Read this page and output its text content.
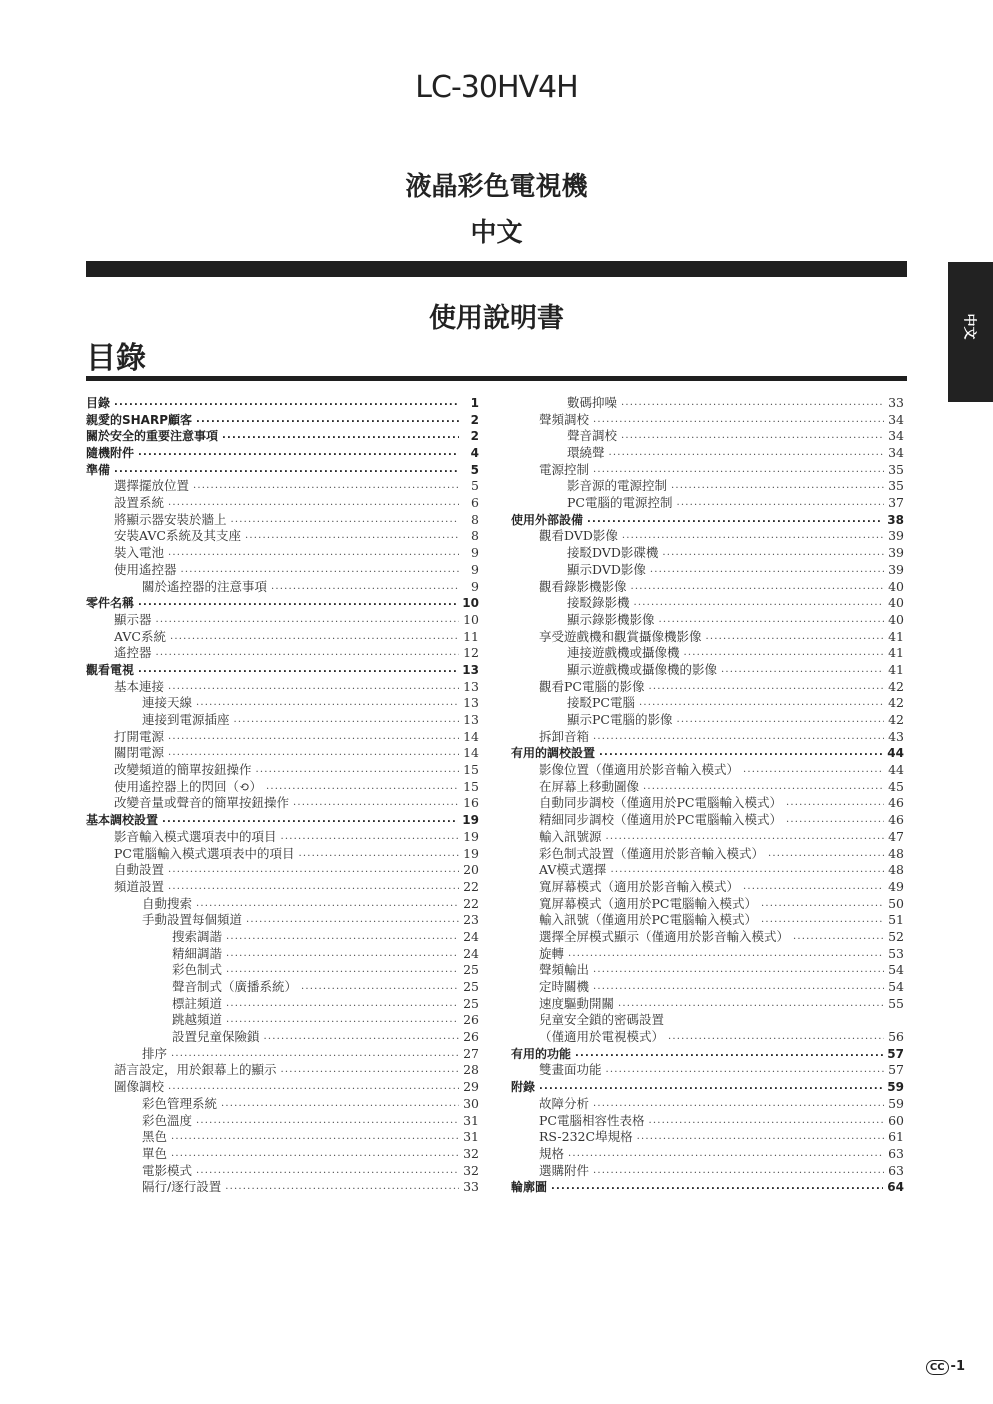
LC-30HV4H
液晶彩色電視機
中文
使用說明書
目錄
中文
目錄 .....	1
親愛的SHARP顧客 .....	2
關於安全的重要注意事項 .....	2
隨機附件 .....	4
準備 .....	5
選擇擺放位置 .....	5
設置系統 .....	6
將顯示器安裝於牆上 .....	8
安裝AVC系統及其支座 .....	8
裝入電池 .....	9
使用遙控器 .....	9
關於遙控器的注意事項 .....	9
零件名稱 .....	10
顯示器 .....	10
AVC系統 .....	11
遙控器 .....	12
觀看電視 .....	13
基本連接 .....	13
連接天線 .....	13
連接到電源插座 .....	13
打開電源 .....	14
關閉電源 .....	14
改變頻道的簡單按鈕操作 .....	15
使用遙控器上的閃回（⟲） .....	15
改變音量或聲音的簡單按鈕操作 .....	16
基本調校設置 .....	19
影音輸入模式選項表中的項目 .....	19
PC電腦輸入模式選項表中的項目 .....	19
自動設置 .....	20
頻道設置 .....	22
自動搜索 .....	22
手動設置每個頻道 .....	23
搜索調諧 .....	24
精細調諧 .....	24
彩色制式 .....	25
聲音制式（廣播系統） .....	25
標註頻道 .....	25
跳越頻道 .....	26
設置兒童保險鎖 .....	26
排序 .....	27
語言設定，用於銀幕上的顯示 .....	28
圖像調校 .....	29
彩色管理系統 .....	30
彩色溫度 .....	31
黑色 .....	31
單色 .....	32
電影模式 .....	32
隔行/逐行設置 .....	33
數碼抑噪 .....	33
聲頻調校 .....	34
聲音調校 .....	34
環繞聲 .....	34
電源控制 .....	35
影音源的電源控制 .....	35
PC電腦的電源控制 .....	37
使用外部設備 .....	38
觀看DVD影像 .....	39
接駁DVD影碟機 .....	39
顯示DVD影像 .....	39
觀看錄影機影像 .....	40
接駁錄影機 .....	40
顯示錄影機影像 .....	40
享受遊戲機和觀賞攝像機影像 .....	41
連接遊戲機或攝像機 .....	41
顯示遊戲機或攝像機的影像 .....	41
觀看PC電腦的影像 .....	42
接駁PC電腦 .....	42
顯示PC電腦的影像 .....	42
拆卸音箱 .....	43
有用的調校設置 .....	44
影像位置（僅適用於影音輸入模式） .....	44
在屏幕上移動圖像 .....	45
自動同步調校（僅適用於PC電腦輸入模式） .....	46
精細同步調校（僅適用於PC電腦輸入模式） .....	46
輸入訊號源 .....	47
彩色制式設置（僅適用於影音輸入模式） .....	48
AV模式選擇 .....	48
寬屏幕模式（適用於影音輸入模式） .....	49
寬屏幕模式（適用於PC電腦輸入模式） .....	50
輸入訊號（僅適用於PC電腦輸入模式） .....	51
選擇全屏模式顯示（僅適用於影音輸入模式） .....	52
旋轉 .....	53
聲頻輸出 .....	54
定時關機 .....	54
速度驅動開關 .....	55
兒童安全鎖的密碼設置
（僅適用於電視模式） .....	56
有用的功能 .....	57
雙畫面功能 .....	57
附錄 .....	59
故障分析 .....	59
PC電腦相容性表格 .....	60
RS-232C埠規格 .....	61
規格 .....	63
選購附件 .....	63
輪廓圖 .....	64
CC -1
